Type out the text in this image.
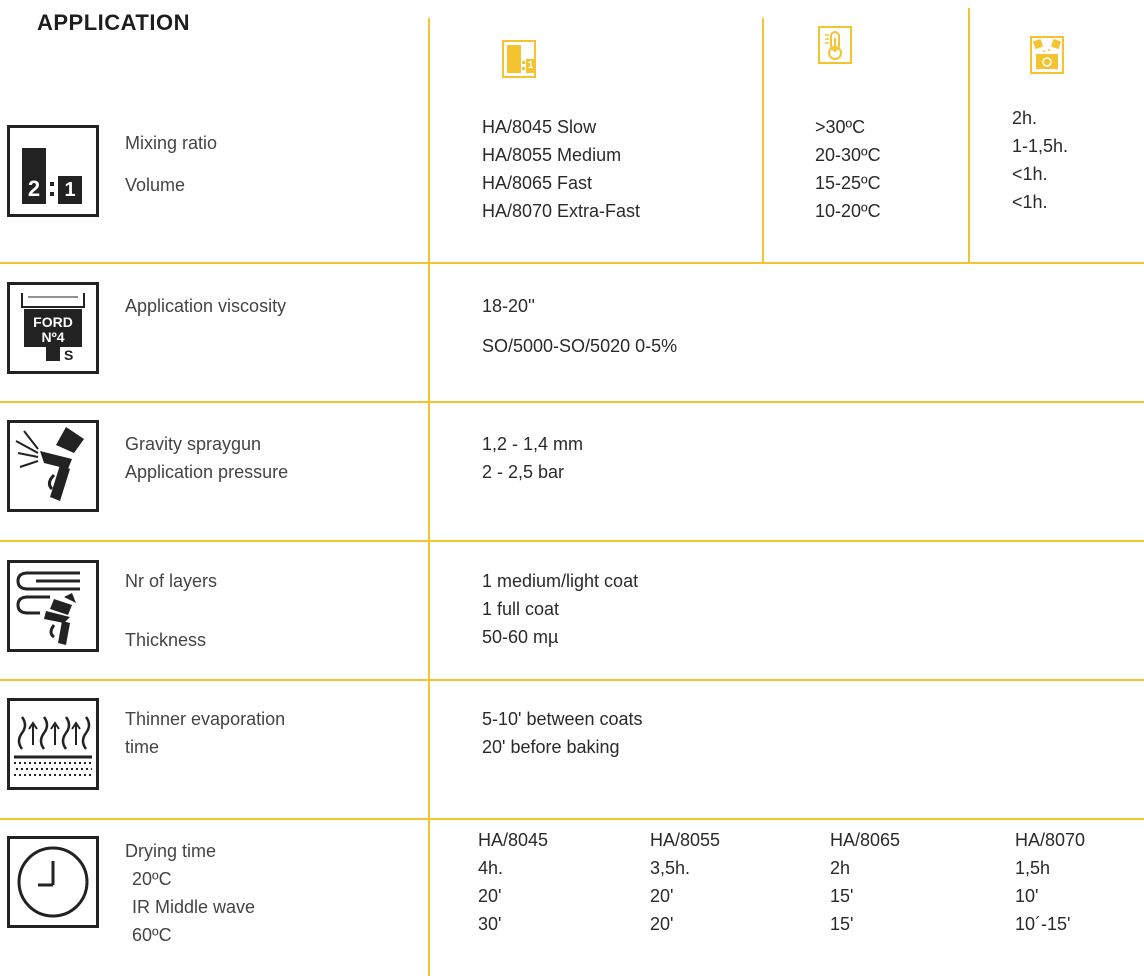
APPLICATION
1
2	1
Mixing ratio
Volume
HA/8045 Slow
HA/8055 Medium
HA/8065 Fast
HA/8070 Extra-Fast
>30ºC
20-30ºC
15-25ºC
10-20ºC
2h.
1-1,5h.
<1h.
<1h.
FORD
Nº4
S
Application viscosity	18-20''
SO/5000-SO/5020 0-5%
Gravity spraygun
Application pressure
1,2 - 1,4 mm
2 - 2,5 bar
Nr of layers
Thickness
1 medium/light coat
1 full coat
50-60 mµ
Thinner evaporation
time
5-10' between coats
20' before baking
Drying time
20ºC
IR Middle wave
60ºC
HA/8045
4h.
20'
30'
HA/8055
3,5h.
20'
20'
HA/8065
2h
15'
15'
HA/8070
1,5h
10'
10´-15'
